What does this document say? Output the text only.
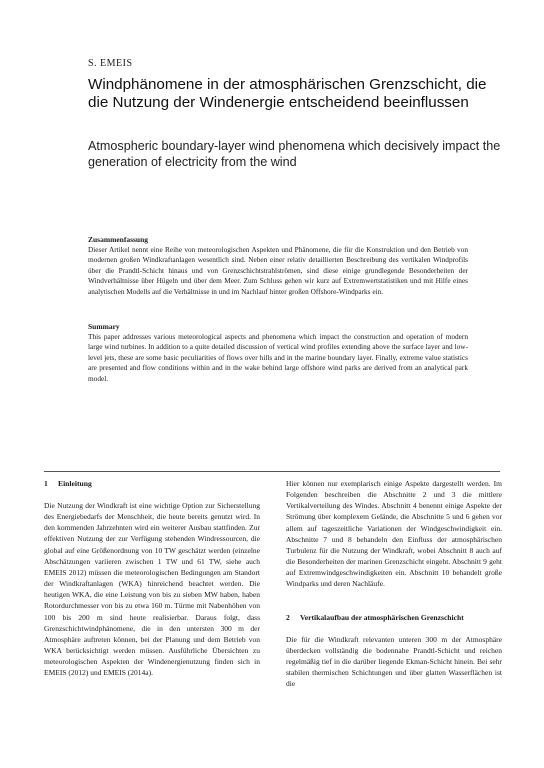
S. EMEIS
Windphänomene in der atmosphärischen Grenzschicht, die die Nutzung der Windenergie entscheidend beeinflussen
Atmospheric boundary-layer wind phenomena which decisively impact the generation of electricity from the wind
Zusammenfassung

Dieser Artikel nennt eine Reihe von meteorologischen Aspekten und Phänomene, die für die Konstruktion und den Betrieb von modernen großen Windkraftanlagen wesentlich sind. Neben einer relativ detaillierten Beschreibung des vertikalen Windprofils über die Prandtl-Schicht hinaus und von Grenzschichtstrahlströmen, sind diese einige grundlegende Besonderheiten der Windverhältnisse über Hügeln und über dem Meer. Zum Schluss gehen wir kurz auf Extremwertstatistiken und mit Hilfe eines analytischen Modells auf die Verhältnisse in und im Nachlauf hinter großen Offshore-Windparks ein.

Summary

This paper addresses various meteorological aspects and phenomena which impact the construction and operation of modern large wind turbines. In addition to a quite detailed discussion of vertical wind profiles extending above the surface layer and low-level jets, these are some basic peculiarities of flows over hills and in the marine boundary layer. Finally, extreme value statistics are presented and flow conditions within and in the wake behind large offshore wind parks are derived from an analytical park model.

1 Einleitung

Die Nutzung der Windkraft ist eine wichtige Option zur Sicherstellung des Energiebedarfs der Menschheit, die heute bereits genutzt wird. In den kommenden Jahrzehnten wird ein weiterer Ausbau stattfinden. Zur effektiven Nutzung der zur Verfügung stehenden Windressourcen, die global auf eine Größenordnung von 10 TW geschätzt werden (einzelne Abschätzungen variieren zwischen 1 TW und 61 TW, siehe auch EMEIS 2012) müssen die meteorologischen Bedingungen am Standort der Windkraftanlagen (WKA) hinreichend beachtet werden. Die heutigen WKA, die eine Leistung von bis zu sieben MW haben, haben Rotordurchmesser von bis zu etwa 160 m. Türme mit Nabenhöhen von 100 bis 200 m sind heute realisierbar. Daraus folgt, dass Grenzschichtwindphänomene, die in den untersten 300 m der Atmosphäre auftreten können, bei der Planung und dem Betrieb von WKA berücksichtigt werden müssen. Ausführliche Übersichten zu meteorologischen Aspekten der Windenergienutzung finden sich in EMEIS (2012) und EMEIS (2014a).

Hier können nur exemplarisch einige Aspekte dargestellt werden. Im Folgenden beschreiben die Abschnitte 2 und 3 die mittlere Vertikalverteilung des Windes. Abschnitt 4 benennt einige Aspekte der Strömung über komplexem Gelände, die Abschnitte 5 und 6 gehen vor allem auf tageszeitliche Variationen der Windgeschwindigkeit ein. Abschnitte 7 und 8 behandeln den Einfluss der atmosphärischen Turbulenz für die Nutzung der Windkraft, wobei Abschnitt 8 auch auf die Besonderheiten der marinen Grenzschicht eingeht. Abschnitt 9 geht auf Extremwindgeschwindigkeiten ein. Abschnitt 10 behandelt große Windparks und deren Nachläufe.

2 Vertikalaufbau der atmosphärischen Grenzschicht

Die für die Windkraft relevanten unteren 300 m der Atmosphäre überdecken vollständig die bodennahe Prandtl-Schicht und reichen regelmäßig tief in die darüber liegende Ekman-Schicht hinein. Bei sehr stabilen thermischen Schichtungen und über glatten Wasserflächen ist die
